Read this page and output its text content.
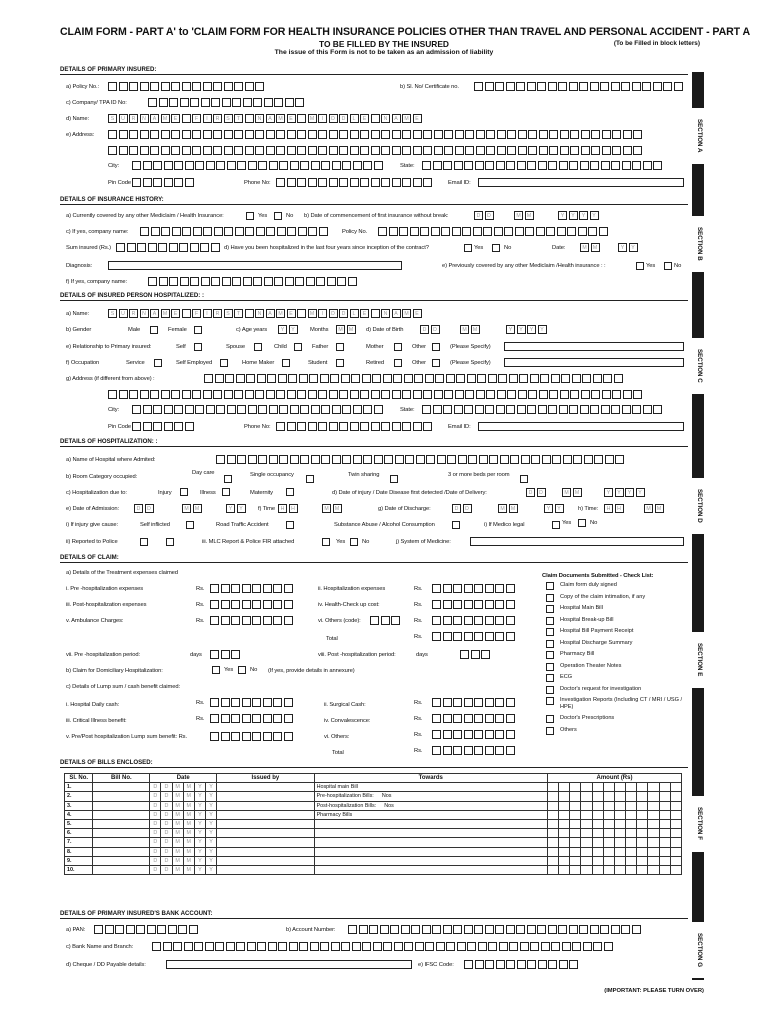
CLAIM FORM - PART A' to 'CLAIM FORM FOR HEALTH INSURANCE POLICIES OTHER THAN TRAVEL AND PERSONAL ACCIDENT - PART A
TO BE FILLED BY THE INSURED
The issue of this Form is not to be taken as an admission of liability
(To be Filled in block letters)
SECTION A
SECTION B
SECTION C
SECTION D
SECTION E
SECTION F
SECTION G
DETAILS OF PRIMARY INSURED:
a) Policy No.:	b) Sl. No/ Certificate no.
c) Company/ TPA ID No:
d) Name:	S	U	R	N	A	M	E	F	I	R	S	T	N	A	M	E	M	I	D	D	L	E	N	A	M	E
e) Address:
City:	State:
Pin Code	Phone No:	Email ID:
DETAILS OF INSURANCE HISTORY:
a) Currently covered by any other Mediclaim / Health Insurance:	Yes	No b) Date of commencement of first insurance without break:	D	D	M	M	Y	Y	Y	Y
c) If yes, company name:	Policy No.
Sum insured (Rs.)	d) Have you been hospitalized in the last four years since inception of the contract?	Yes	No	Date:	M	M	Y	Y
Diagnosis:	e) Previously covered by any other Mediclaim /Health insurance : :	Yes	No
f) If yes, company name:
DETAILS OF INSURED PERSON HOSPITALIZED: :
a) Name:	S	U	R	N	A	M	E	F	I	R	S	T	N	A	M	E	M	I	D	D	L	E	N	A	M	E
b) Gender	Male	Female	c) Age years	Y	Y	Months	M	M	d) Date of Birth	D	D	M	M	Y	Y	Y	Y
e) Relationship to Primary insured:	Self	Spouse	Child	Father	Mother	Other	(Please Specify)
f) Occupation	Service	Self Employed	Home Maker	Student	Retired	Other	(Please Specify)
g) Address (if different from above) :
City:	State:
Pin Code	Phone No:	Email ID:
DETAILS OF HOSPITALIZATION: :
a) Name of Hospital where Admited:
b) Room Category occupied:
Day care	Single occupancy	Twin sharing	3 or more beds per room
c) Hospitalization due to:	Injury	Illness	Maternity	d) Date of injury / Date Disease first detected /Date of Delivery:	D	D	M	M	Y	Y	Y	Y
e) Date of Admission:	D	D	M	M	Y	Y	f) Time	H	H	M	M	g) Date of Discharge:	D	D	M	M	Y	Y	h) Time:	H	H	M	M
i) If injury give cause:	Self inflicted	Road Traffic Accident	Substance Abuse / Alcohol Consumption	i) If Medico legal	Yes	No
ii) Reported to Police	iii. MLC Report & Police FIR attached	Yes	No	j) System of Medicine:
DETAILS OF CLAIM:
a) Details of the Treatment expenses claimed	Claim Documents Submitted - Check List:
i. Pre -hospitalization expenses	Rs.	ii. Hospitalization expenses	Rs.
iii. Post-hospitalization expenses	Rs.	iv. Health-Check up cost:	Rs.
v. Ambulance Charges:	Rs.	vi. Others (code):	Rs.
Total	Rs.
vii. Pre -hospitalization period:	days	viii. Post -hospitalization period:	days
b) Claim for Domiciliary Hospitalization:	Yes	No (If yes, provide details in annexure)
c) Details of Lump sum / cash benefit claimed:
i. Hospital Daily cash:	Rs.	ii. Surgical Cash:	Rs.
iii. Critical Illness benefit:	Rs.	iv. Convalescence:	Rs.
v. Pre/Post hospitalization Lump sum benefit: Rs.	vi. Others:	Rs.
Total	Rs.
Claim form duly signed
Copy of the claim intimation, if any
Hospital Main Bill
Hospital Break-up Bill
Hospital Bill Payment Receipt
Hospital Discharge Summary
Pharmacy Bill
Operation Theater Notes
ECG
Doctor's request for investigation
Investigation Reports (Including CT / MRI / USG / HPE)
Doctor's Prescriptions
Others
DETAILS OF BILLS ENCLOSED:
Sl. No.	Bill No.	Date						Issued by	Towards	Amount (Rs)											
1.		D	D	M	M	Y	Y		Hospital main Bill												
2.		D	D	M	M	Y	Y		Pre-hospitalization Bills: Nos												
3.		D	D	M	M	Y	Y		Post-hospitalization Bills: Nos												
4.		D	D	M	M	Y	Y		Pharmacy Bills												
5.		D	D	M	M	Y	Y														
6.		D	D	M	M	Y	Y														
7.		D	D	M	M	Y	Y														
8.		D	D	M	M	Y	Y														
9.		D	D	M	M	Y	Y														
10.		D	D	M	M	Y	Y														
DETAILS OF PRIMARY INSURED'S BANK ACCOUNT:
a) PAN:	b) Account Number:
c) Bank Name and Branch:
d) Cheque / DD Payable details:	e) IFSC Code:
(IMPORTANT: PLEASE TURN OVER)
